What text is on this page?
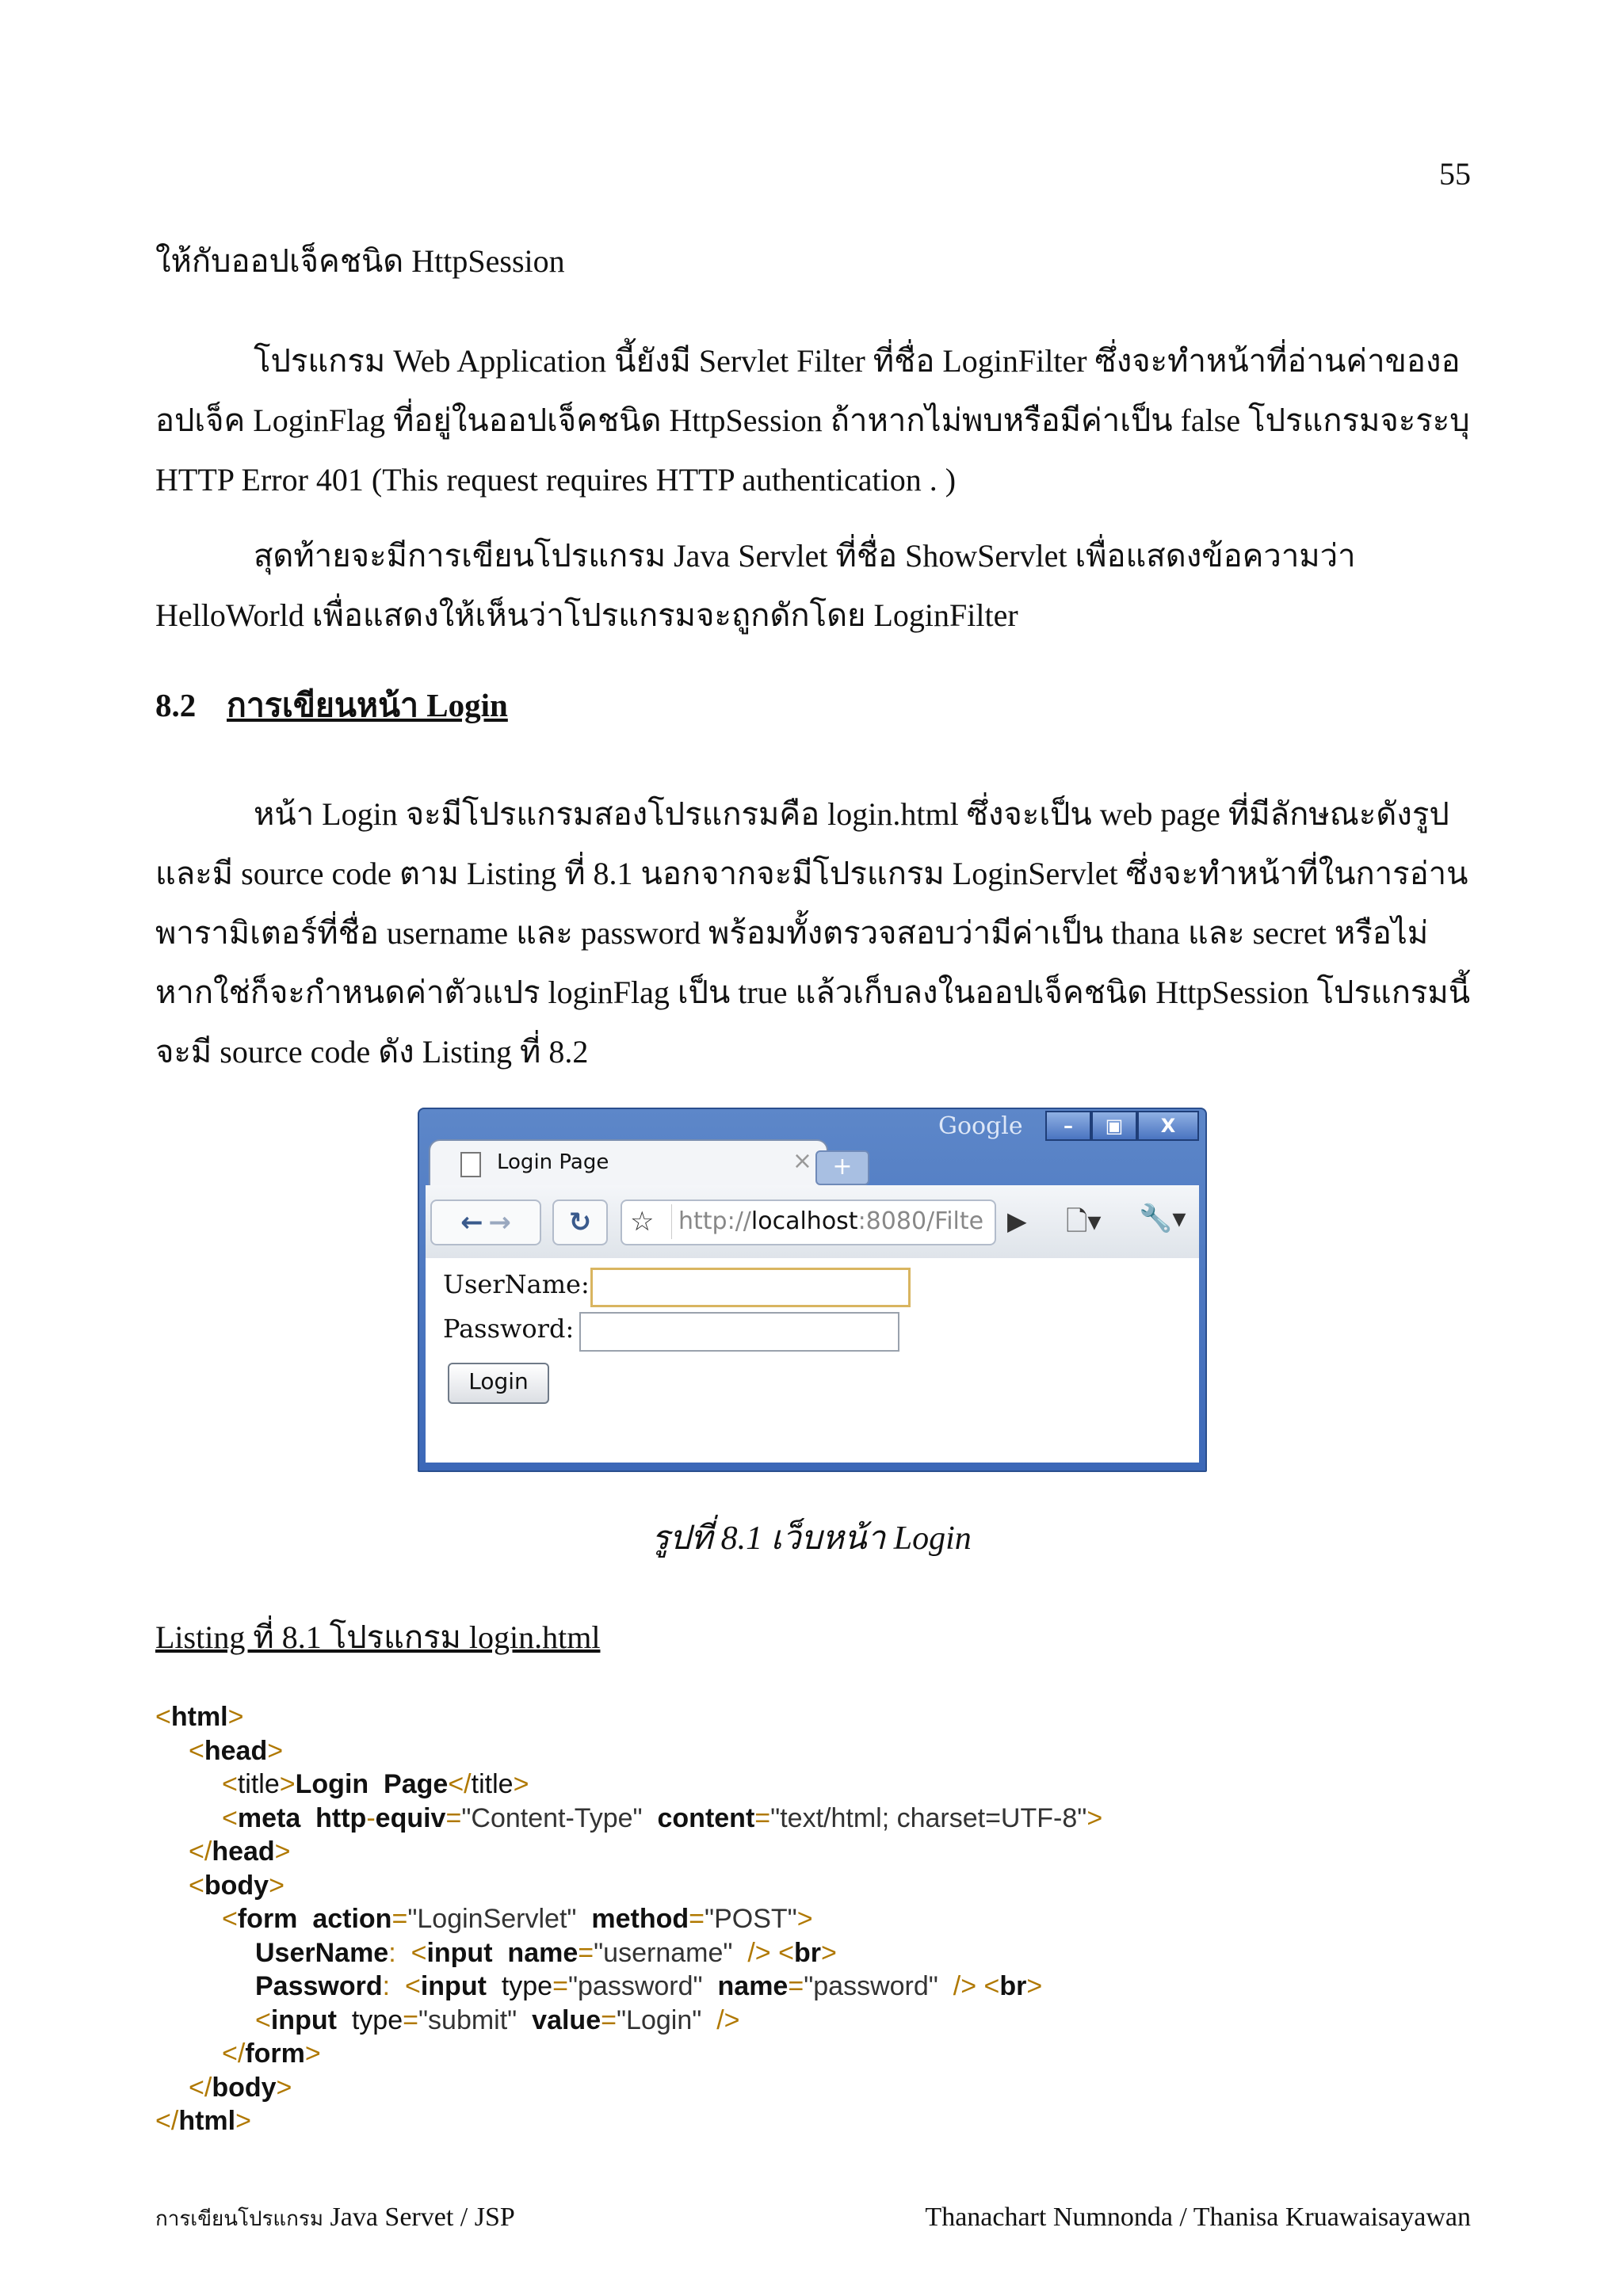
55

ให้กับออปเจ็คชนิด HttpSession

โปรแกรม Web Application นี้ยังมี Servlet Filter ที่ชื่อ LoginFilter ซึ่งจะทำหน้าที่อ่านค่าของออปเจ็ค LoginFlag ที่อยู่ในออปเจ็คชนิด HttpSession ถ้าหากไม่พบหรือมีค่าเป็น false โปรแกรมจะระบุ HTTP Error 401 (This request requires HTTP authentication . )

สุดท้ายจะมีการเขียนโปรแกรม Java Servlet ที่ชื่อ ShowServlet เพื่อแสดงข้อความว่า HelloWorld เพื่อแสดงให้เห็นว่าโปรแกรมจะถูกดักโดย LoginFilter

8.2 การเขียนหน้า Login

หน้า Login จะมีโปรแกรมสองโปรแกรมคือ login.html ซึ่งจะเป็น web page ที่มีลักษณะดังรูป และมี source code ตาม Listing ที่ 8.1 นอกจากจะมีโปรแกรม LoginServlet ซึ่งจะทำหน้าที่ในการอ่านพารามิเตอร์ที่ชื่อ username และ password พร้อมทั้งตรวจสอบว่ามีค่าเป็น thana และ secret หรือไม่ หากใช่ก็จะกำหนดค่าตัวแปร loginFlag เป็น true แล้วเก็บลงในออปเจ็คชนิด HttpSession โปรแกรมนี้จะมี source code ดัง Listing ที่ 8.2

Google	–	▣	X
Login Page	× +
←
  → ↻ ☆	http://localhost:8080/Filte ▶ 🗋▾ 🔧▾
UserName:
Password:
Login
รูปที่ 8.1 เว็บหน้า Login
Listing ที่ 8.1 โปรแกรม login.html
<html>
<head>
<title>Login  Page</title>
<meta http-equiv="Content-Type" content="text/html; charset=UTF-8">
</head>
<body>
<form action="LoginServlet" method="POST">
UserName: <input name="username" /> <br>
Password: <input type="password" name="password" /> <br>
<input type="submit" value="Login" />
</form>
</body>
</html>
การเขียนโปรแกรม Java Servet / JSP	Thanachart Numnonda / Thanisa Kruawaisayawan
